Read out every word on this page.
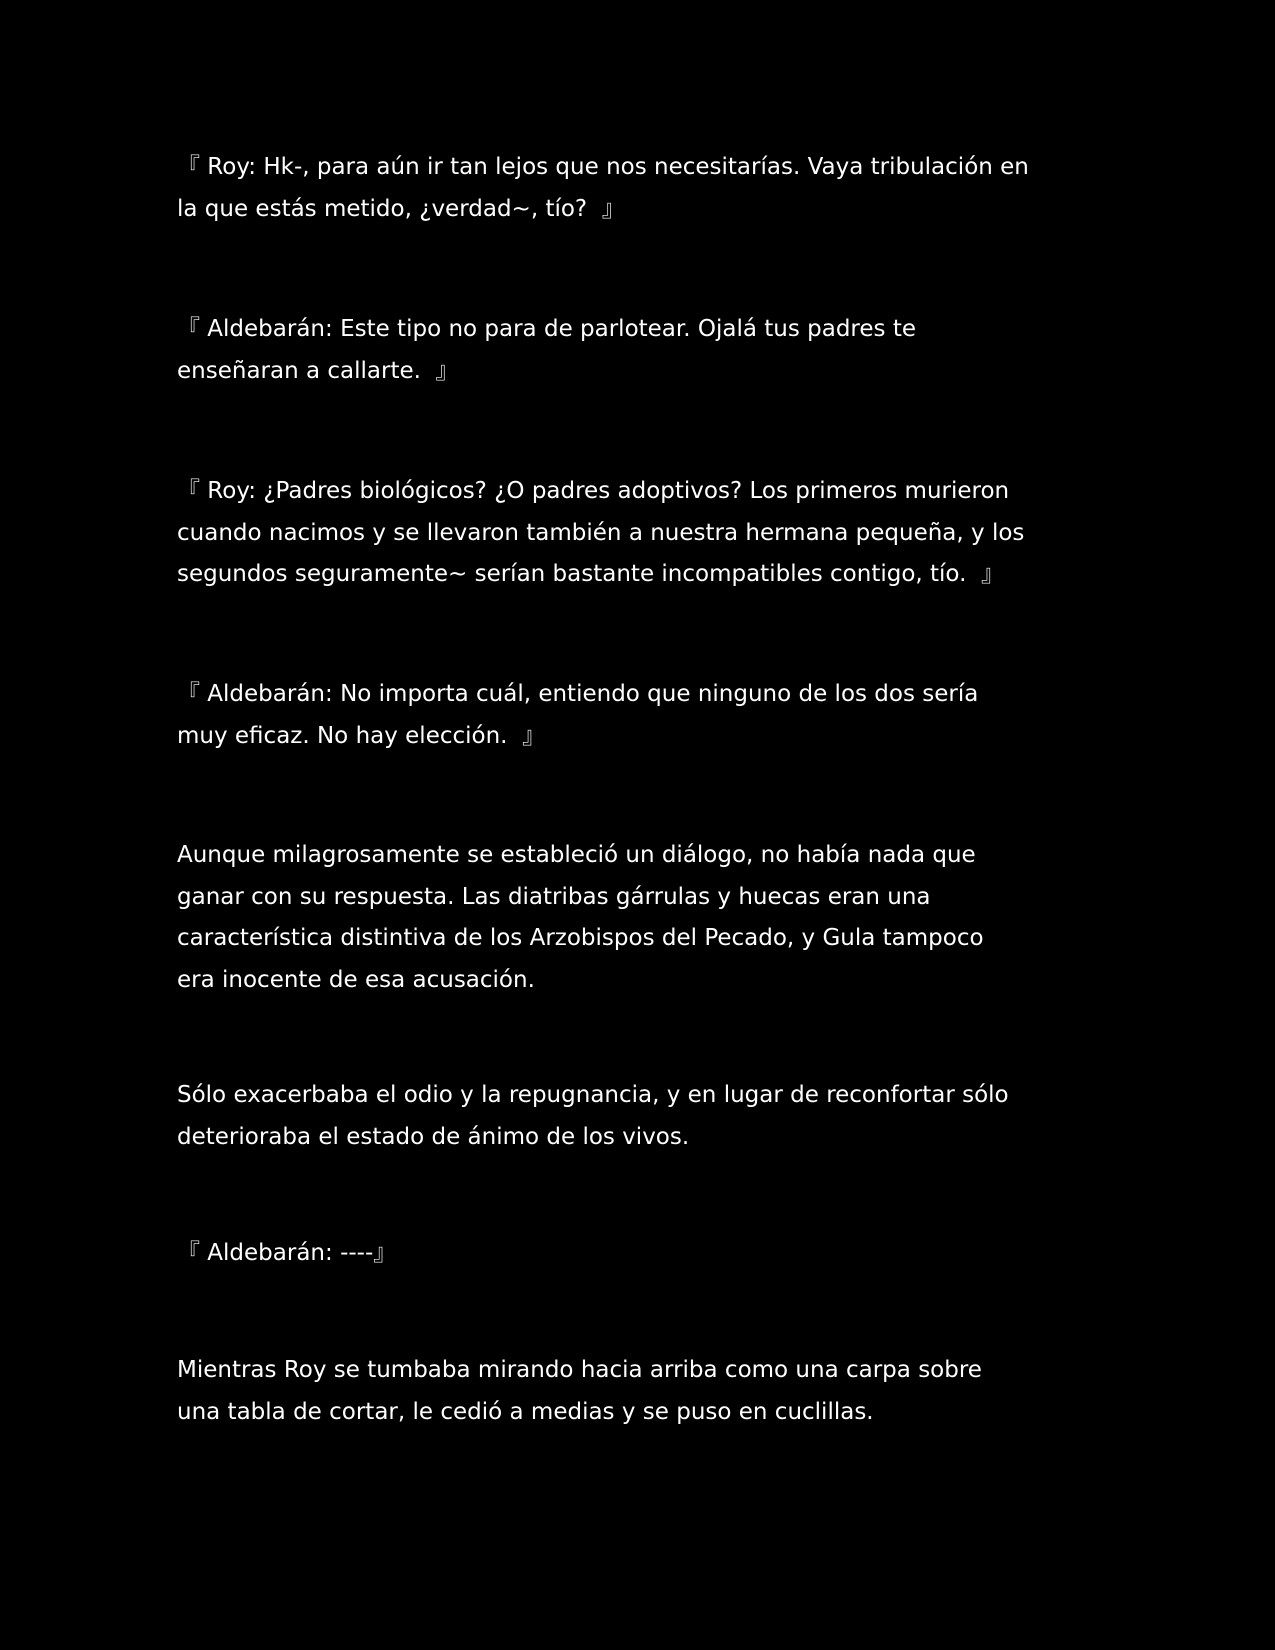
『 Roy: Hk-, para aún ir tan lejos que nos necesitarías. Vaya tribulación en
la que estás metido, ¿verdad~, tío?  』

『 Aldebarán: Este tipo no para de parlotear. Ojalá tus padres te
enseñaran a callarte.  』

『 Roy: ¿Padres biológicos? ¿O padres adoptivos? Los primeros murieron
cuando nacimos y se llevaron también a nuestra hermana pequeña, y los
segundos seguramente~ serían bastante incompatibles contigo, tío.  』

『 Aldebarán: No importa cuál, entiendo que ninguno de los dos sería
muy eficaz. No hay elección.  』

Aunque milagrosamente se estableció un diálogo, no había nada que
ganar con su respuesta. Las diatribas gárrulas y huecas eran una
característica distintiva de los Arzobispos del Pecado, y Gula tampoco
era inocente de esa acusación.

Sólo exacerbaba el odio y la repugnancia, y en lugar de reconfortar sólo
deterioraba el estado de ánimo de los vivos.

『 Aldebarán: ----』

Mientras Roy se tumbaba mirando hacia arriba como una carpa sobre
una tabla de cortar, le cedió a medias y se puso en cuclillas.
